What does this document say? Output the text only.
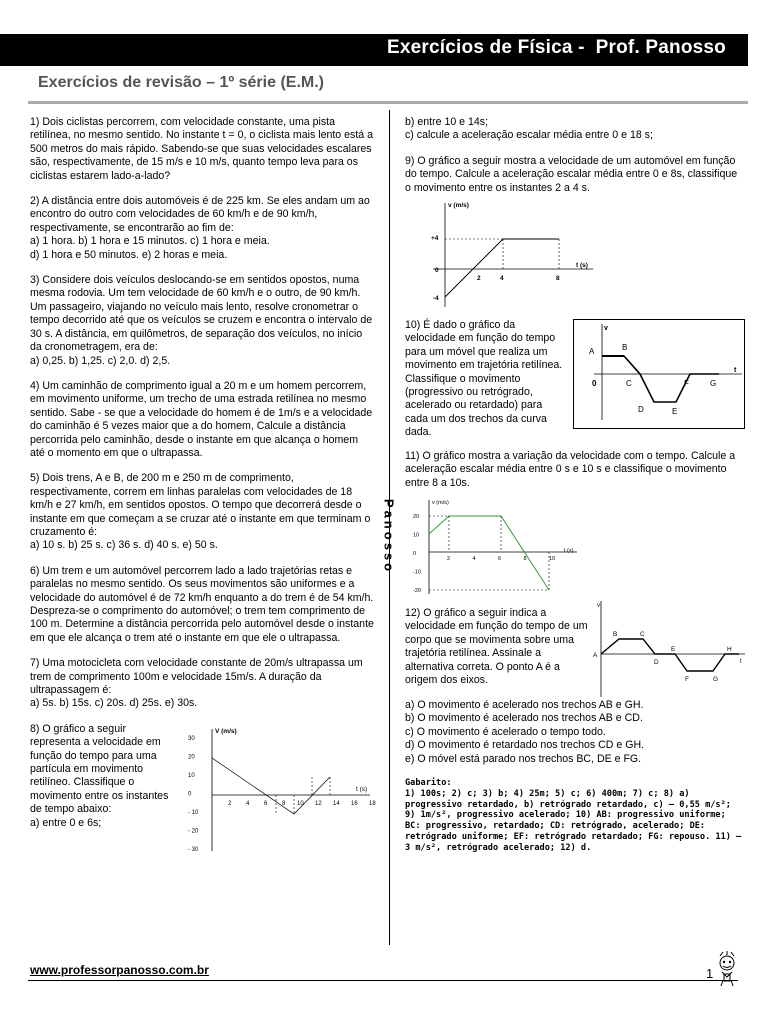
Exercícios de Física -  Prof. Panosso
Exercícios de revisão – 1º série (E.M.)

1) Dois ciclistas percorrem, com velocidade constante, uma pista retilínea, no mesmo sentido. No instante t = 0, o ciclista mais lento está a 500 metros do mais rápido. Sabendo-se que suas velocidades escalares são, respectivamente, de 15 m/s e 10 m/s, quanto tempo leva para os ciclistas estarem lado-a-lado?

2) A distância entre dois automóveis é de 225 km. Se eles andam um ao encontro do outro com velocidades de 60 km/h e de 90 km/h, respectivamente, se encontrarão ao fim de:

a) 1 hora. b) 1 hora e 15 minutos. c) 1 hora e meia.

d) 1 hora e 50 minutos. e) 2 horas e meia.

3) Considere dois veículos deslocando-se em sentidos opostos, numa mesma rodovia. Um tem velocidade de 60 km/h e o outro, de 90 km/h. Um passageiro, viajando no veículo mais lento, resolve cronometrar o tempo decorrido até que os veículos se cruzem e encontra o intervalo de 30 s. A distância, em quilômetros, de separação dos veículos, no início da cronometragem, era de:

a) 0,25. b) 1,25. c) 2,0. d) 2,5.

4) Um caminhão de comprimento igual a 20 m e um homem percorrem, em movimento uniforme, um trecho de uma estrada retilínea no mesmo sentido. Sabe - se que a velocidade do homem é de 1m/s e a velocidade do caminhão é 5 vezes maior que a do homem, Calcule a distância percorrida pelo caminhão, desde o instante em que alcança o homem até o momento em que o ultrapassa.

5) Dois trens, A e B, de 200 m e 250 m de comprimento, respectivamente, correm em linhas paralelas com velocidades de 18 km/h e 27 km/h, em sentidos opostos. O tempo que decorrerá desde o instante em que começam a se cruzar até o instante em que terminam o cruzamento é:

a) 10 s. b) 25 s. c) 36 s. d) 40 s. e) 50 s.

6) Um trem e um automóvel percorrem lado a lado trajetórias retas e paralelas no mesmo sentido. Os seus movimentos são uniformes e a velocidade do automóvel é de 72 km/h enquanto a do trem é de 54 km/h. Despreza-se o comprimento do automóvel; o trem tem comprimento de 100 m. Determine a distância percorrida pelo automóvel desde o instante em que ele alcança o trem até o instante em que ele o ultrapassa.

7) Uma motocicleta com velocidade constante de 20m/s ultrapassa um trem de comprimento 100m e velocidade 15m/s. A duração da ultrapassagem é:

a) 5s. b) 15s. c) 20s. d) 25s. e) 30s.

8) O gráfico a seguir representa a velocidade em função do tempo para uma partícula em movimento retilíneo. Classifique o movimento entre os instantes de tempo abaixo:

a) entre 0 e 6s;

V (m/s)
t (s)
30
20
10
0
- 10
- 20
- 30
2 4 6 8 10 12 14 16 18
Panosso

b) entre 10 e 14s;

c) calcule a aceleração escalar média entre 0 e 18 s;

9) O gráfico a seguir mostra a velocidade de um automóvel em função do tempo. Calcule a aceleração escalar média entre 0 e 8s, classifique o movimento entre os instantes 2 a 4 s.

v (m/s)
t (s)
+4
0
-4
2	4	8

10) É dado o gráfico da velocidade em função do tempo para um móvel que realiza um movimento em trajetória retilínea. Classifique o movimento (progressivo ou retrógrado, acelerado ou retardado) para cada um dos trechos da curva dada.

v
t
0
A	B
C
D	E
F	G

11) O gráfico mostra a variação da velocidade com o tempo. Calcule a aceleração escalar média entre 0 s e 10 s e classifique o movimento entre 8 a 10s.

v (m/s)
t (s)
20
10
0
-10
-20
2	4	6	8	10

12) O gráfico a seguir indica a velocidade em função do tempo de um corpo que se movimenta sobre uma trajetória retilínea. Assinale a alternativa correta. O ponto A é a origem dos eixos.

v
t
A
B	C
D
E
F	G
H

a) O movimento é acelerado nos trechos AB e GH.

b) O movimento é acelerado nos trechos AB e CD.

c) O movimento é acelerado o tempo todo.

d) O movimento é retardado nos trechos CD e GH.

e) O móvel está parado nos trechos BC, DE e FG.

Gabarito:
1) 100s; 2) c; 3) b; 4) 25m; 5) c; 6) 400m; 7) c; 8) a) progressivo retardado, b) retrógrado retardado, c) – 0,55 m/s²; 9) 1m/s², progressivo acelerado; 10) AB: progressivo uniforme; BC: progressivo, retardado; CD: retrógrado, acelerado; DE: retrógrado uniforme; EF: retrógrado retardado; FG: repouso. 11) – 3 m/s², retrógrado acelerado; 12) d.
www.professorpanosso.com.br	1
